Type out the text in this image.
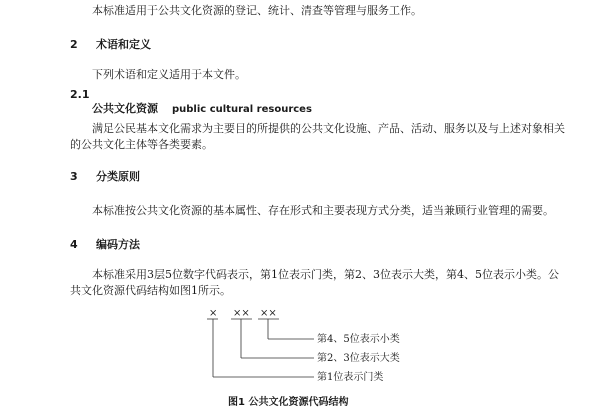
本标准适用于公共文化资源的登记、统计、清查等管理与服务工作。
2 术语和定义
下列术语和定义适用于本文件。
2.1
公共文化资源 public cultural resources
满足公民基本文化需求为主要目的所提供的公共文化设施、产品、活动、服务以及与上述对象相关
的公共文化主体等各类要素。
3 分类原则
本标准按公共文化资源的基本属性、存在形式和主要表现方式分类，适当兼顾行业管理的需要。
4 编码方法
本标准采用3层5位数字代码表示，第1位表示门类，第2、3位表示大类，第4、5位表示小类。公
共文化资源代码结构如图1所示。
× ×× ××
第4、5位表示小类
第2、3位表示大类
第1位表示门类
图1 公共文化资源代码结构
